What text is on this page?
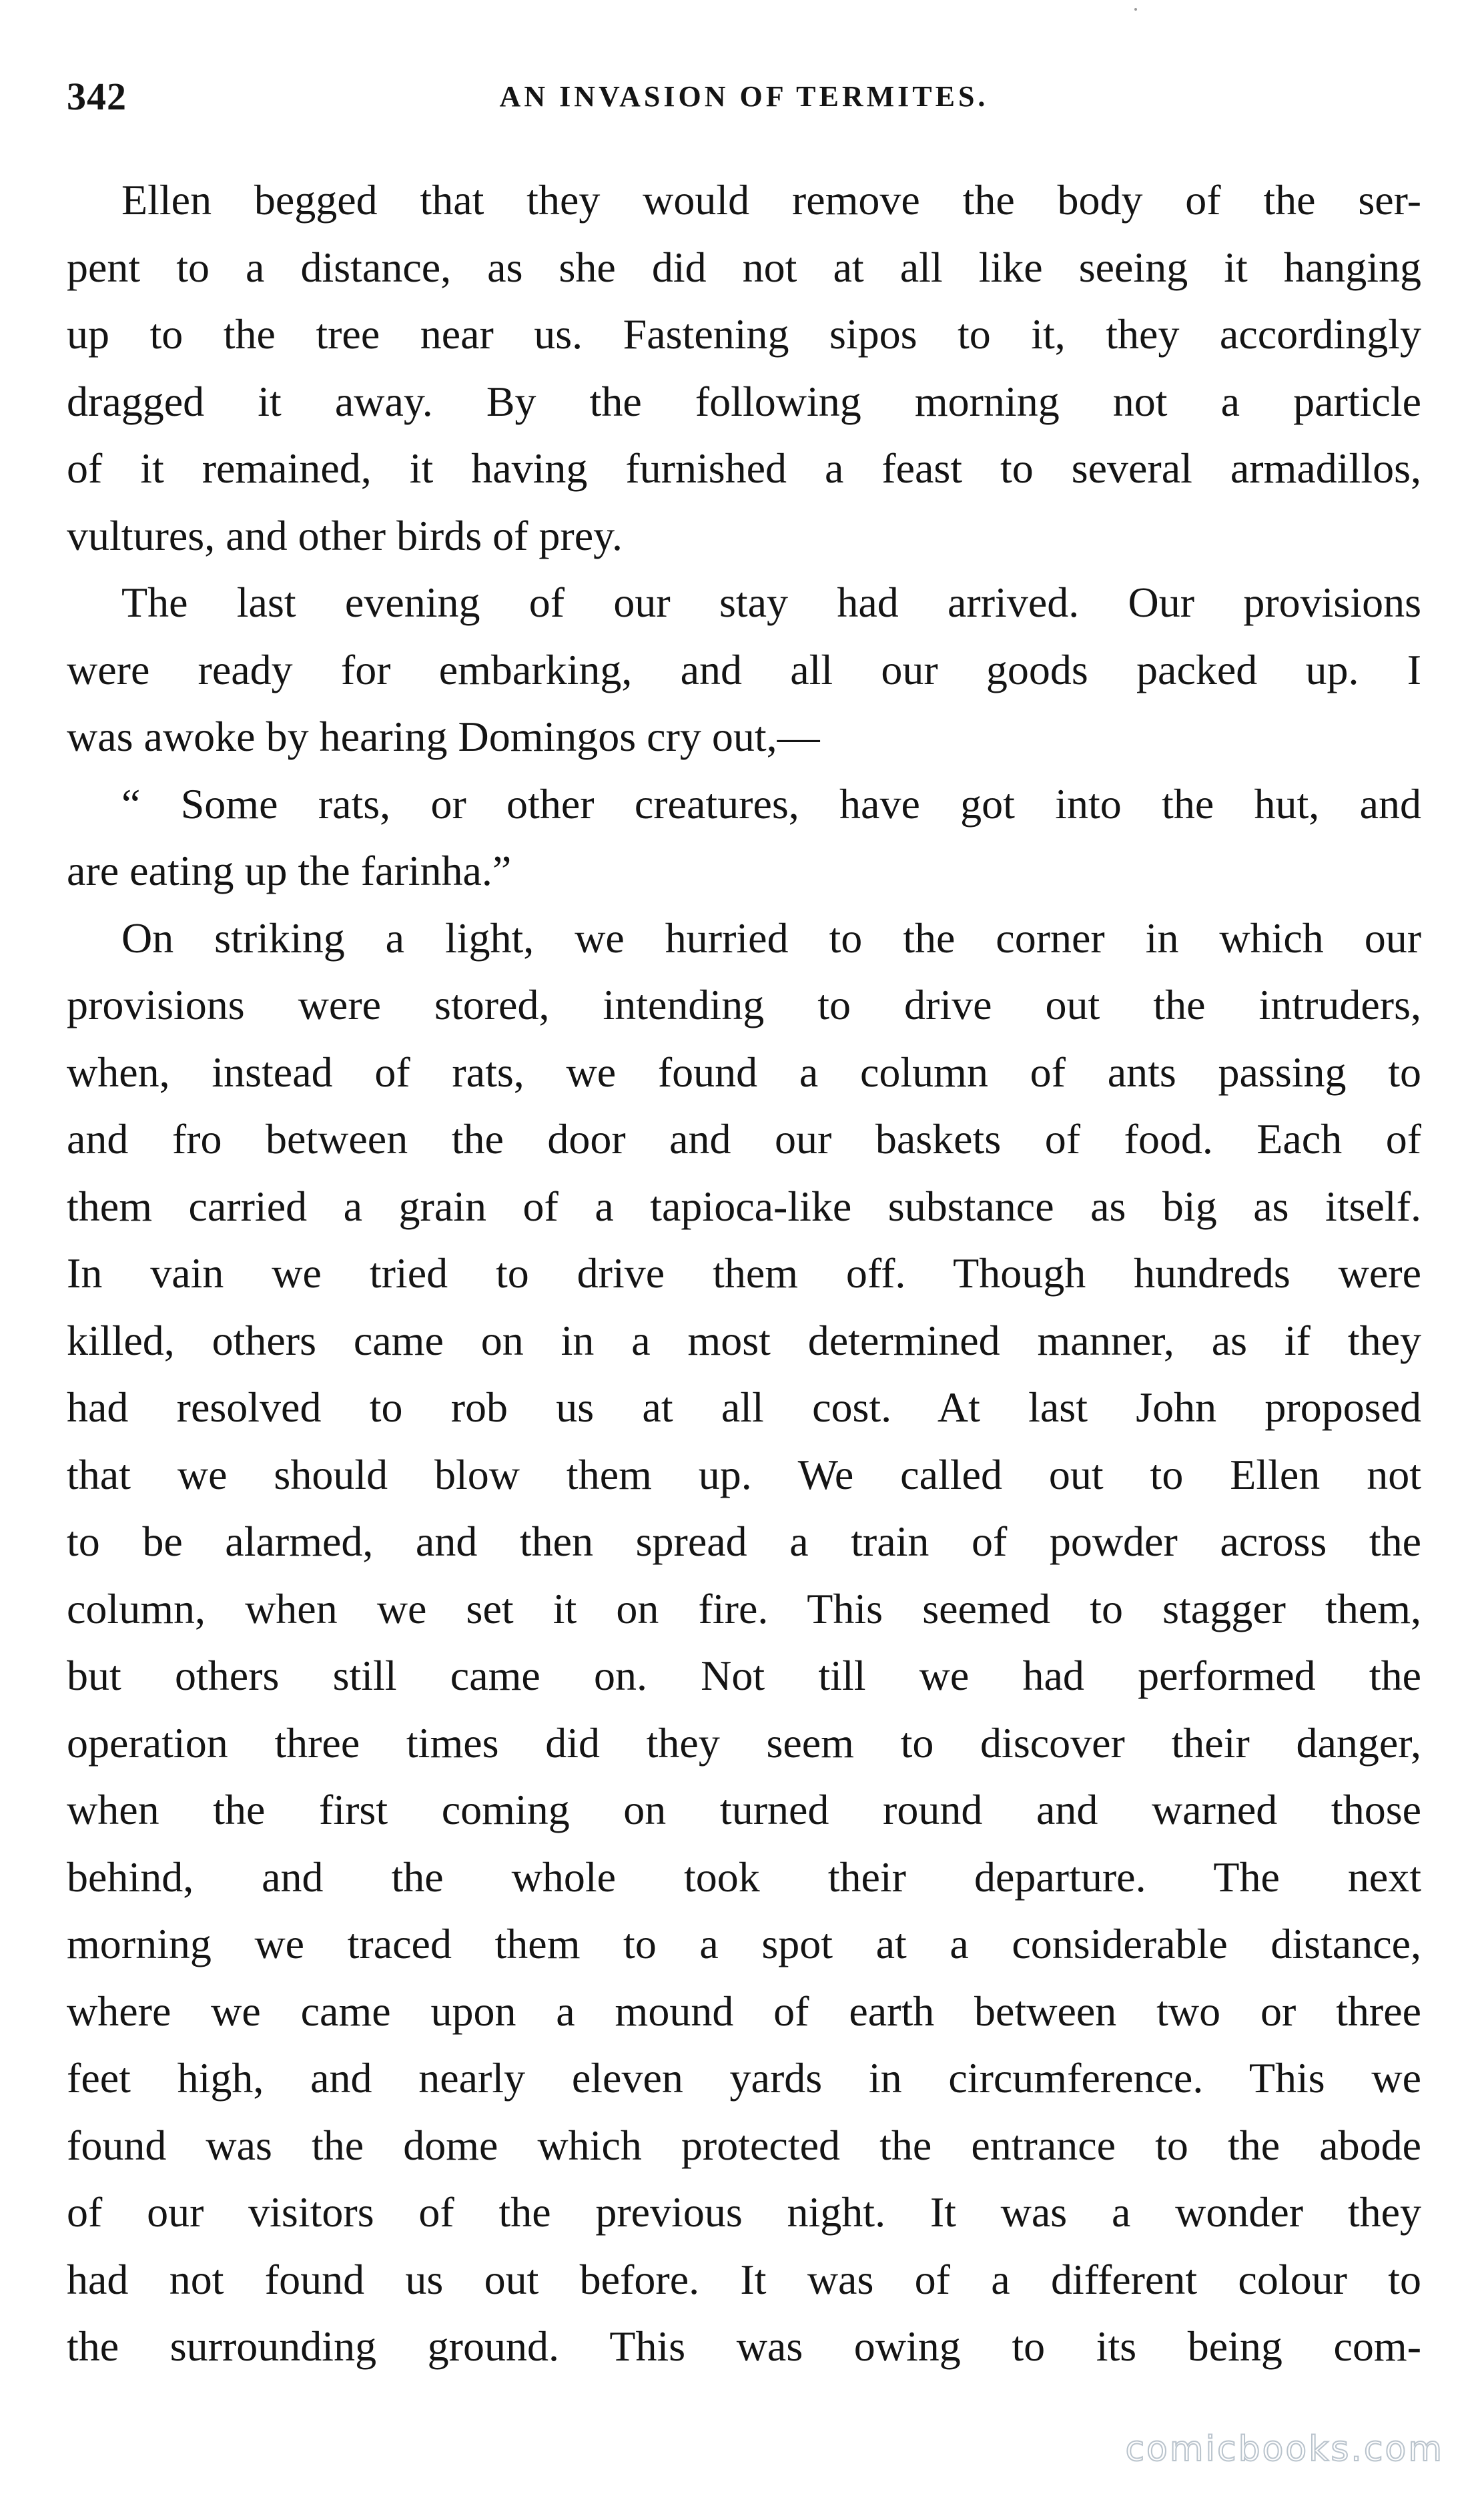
342	AN INVASION OF TERMITES.
Ellen begged that they would remove the body of the ser-
pent to a distance, as she did not at all like seeing it hanging
up to the tree near us. Fastening sipos to it, they accordingly
dragged it away. By the following morning not a particle
of it remained, it having furnished a feast to several armadillos,
vultures, and other birds of prey.
The last evening of our stay had arrived. Our provisions
were ready for embarking, and all our goods packed up. I
was awoke by hearing Domingos cry out,—
“ Some rats, or other creatures, have got into the hut, and
are eating up the farinha.”
On striking a light, we hurried to the corner in which our
provisions were stored, intending to drive out the intruders,
when, instead of rats, we found a column of ants passing to
and fro between the door and our baskets of food. Each of
them carried a grain of a tapioca-like substance as big as itself.
In vain we tried to drive them off. Though hundreds were
killed, others came on in a most determined manner, as if they
had resolved to rob us at all cost. At last John proposed
that we should blow them up. We called out to Ellen not
to be alarmed, and then spread a train of powder across the
column, when we set it on fire. This seemed to stagger them,
but others still came on. Not till we had performed the
operation three times did they seem to discover their danger,
when the first coming on turned round and warned those
behind, and the whole took their departure. The next
morning we traced them to a spot at a considerable distance,
where we came upon a mound of earth between two or three
feet high, and nearly eleven yards in circumference. This we
found was the dome which protected the entrance to the abode
of our visitors of the previous night. It was a wonder they
had not found us out before. It was of a different colour to
the surrounding ground. This was owing to its being com-
comicbooks.com
